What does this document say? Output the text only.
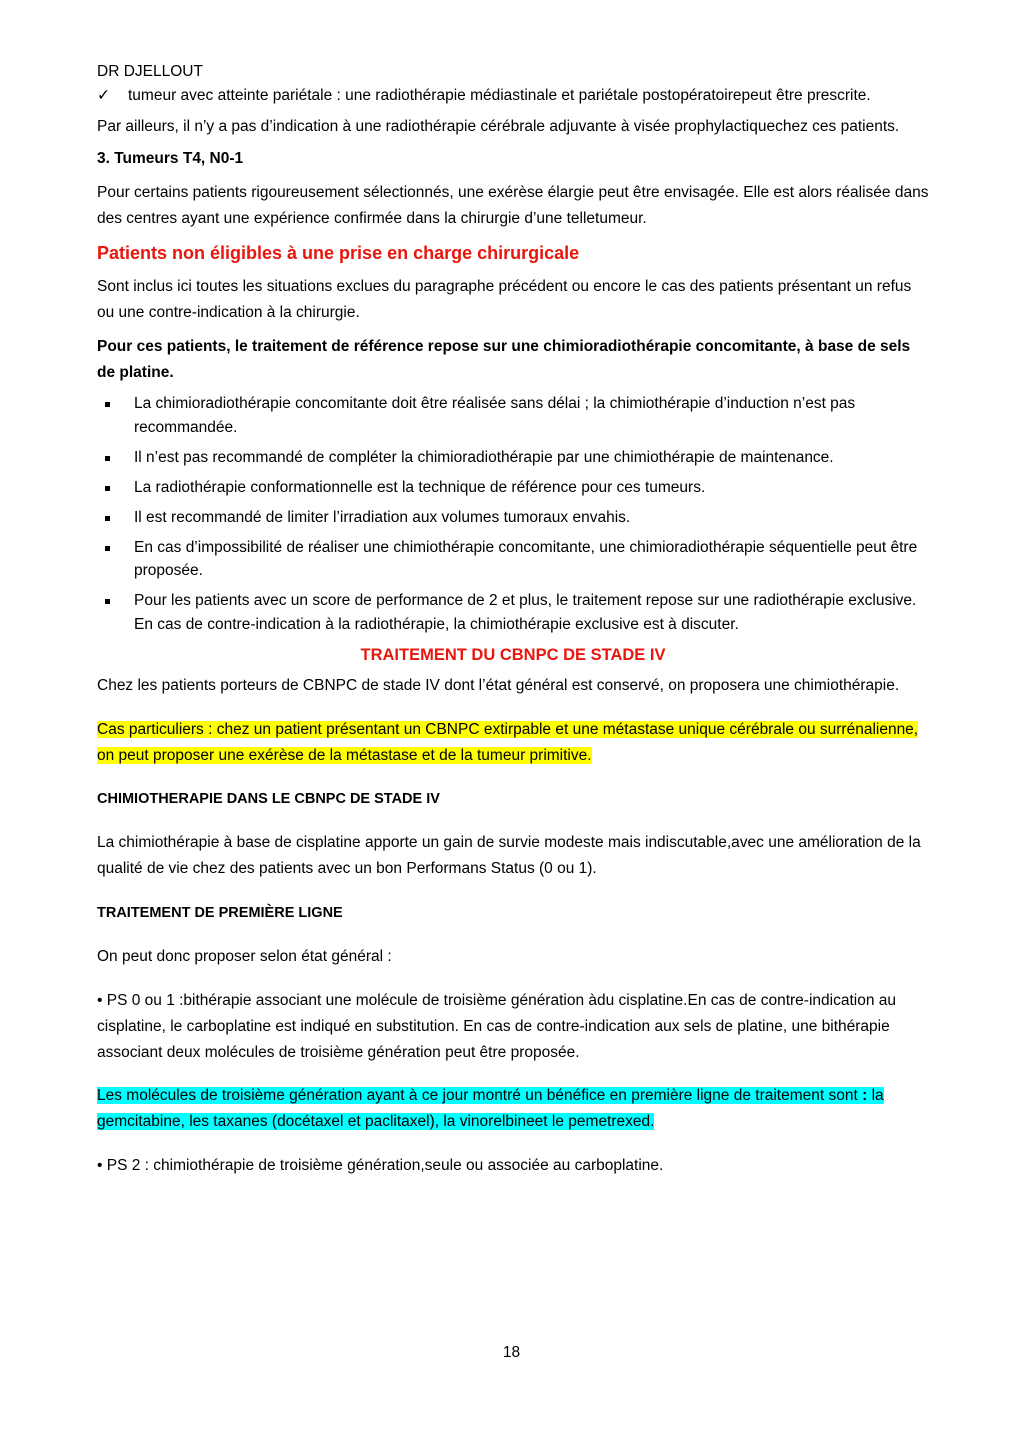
DR DJELLOUT

✓	tumeur avec atteinte pariétale : une radiothérapie médiastinale et pariétale postopératoirepeut être prescrite.

Par ailleurs, il n’y a pas d’indication à une radiothérapie cérébrale adjuvante à visée prophylactiquechez ces patients.

3. Tumeurs T4, N0-1

Pour certains patients rigoureusement sélectionnés, une exérèse élargie peut être envisagée. Elle est alors réalisée dans des centres ayant une expérience confirmée dans la chirurgie d’une telletumeur.

Patients non éligibles à une prise en charge chirurgicale

Sont inclus ici toutes les situations exclues du paragraphe précédent ou encore le cas des patients présentant un refus ou une contre-indication à la chirurgie.

Pour ces patients, le traitement de référence repose sur une chimioradiothérapie concomitante, à base de sels de platine.

La chimioradiothérapie concomitante doit être réalisée sans délai ; la chimiothérapie d’induction n’est pas recommandée.
Il n’est pas recommandé de compléter la chimioradiothérapie par une chimiothérapie de maintenance.
La radiothérapie conformationnelle est la technique de référence pour ces tumeurs.
Il est recommandé de limiter l’irradiation aux volumes tumoraux envahis.
En cas d’impossibilité de réaliser une chimiothérapie concomitante, une chimioradiothérapie séquentielle peut être proposée.
Pour les patients avec un score de performance de 2 et plus, le traitement repose sur une radiothérapie exclusive. En cas de contre-indication à la radiothérapie, la chimiothérapie exclusive est à discuter.

TRAITEMENT DU CBNPC DE STADE IV

Chez les patients porteurs de CBNPC de stade IV dont l’état général est conservé, on proposera une chimiothérapie.

Cas particuliers : chez un patient présentant un CBNPC extirpable et une métastase unique cérébrale ou surrénalienne, on peut proposer une exérèse de la métastase et de la tumeur primitive.

CHIMIOTHERAPIE DANS LE CBNPC DE STADE IV

La chimiothérapie à base de cisplatine apporte un gain de survie modeste mais indiscutable,avec une amélioration de la qualité de vie chez des patients avec un bon Performans Status (0 ou 1).

TRAITEMENT DE PREMIÈRE LIGNE

On peut donc proposer selon état général :

• PS 0 ou 1 :bithérapie associant une molécule de troisième génération àdu cisplatine.En cas de contre-indication au cisplatine, le carboplatine est indiqué en substitution. En cas de contre-indication aux sels de platine, une bithérapie associant deux molécules de troisième génération peut être proposée.

Les molécules de troisième génération ayant à ce jour montré un bénéfice en première ligne de traitement sont : la gemcitabine, les taxanes (docétaxel et paclitaxel), la vinorelbineet le pemetrexed.

• PS 2 : chimiothérapie de troisième génération,seule ou associée au carboplatine.

18
